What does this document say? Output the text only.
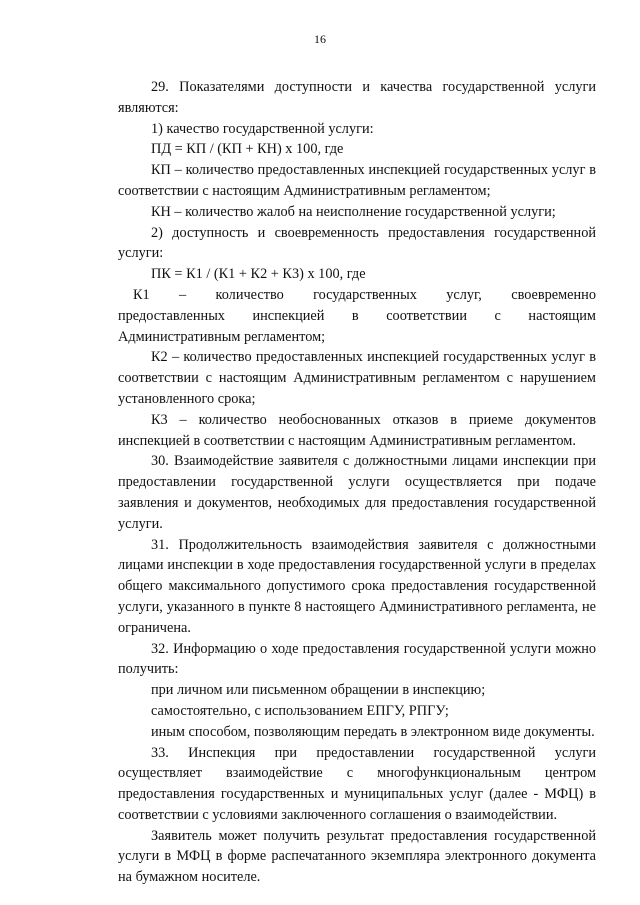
16

29. Показателями доступности и качества государственной услуги являются:

1) качество государственной услуги:

ПД = КП / (КП + КН) х 100, где

КП – количество предоставленных инспекцией государственных услуг в соответствии с настоящим Административным регламентом;

КН – количество жалоб на неисполнение государственной услуги;

2) доступность и своевременность предоставления государственной услуги:

ПК = К1 / (К1 + К2 + К3) х 100, где

К1 – количество государственных услуг, своевременно
предоставленных инспекцией в соответствии с настоящим

Административным регламентом;

К2 – количество предоставленных инспекцией государственных услуг в соответствии с настоящим Административным регламентом с нарушением установленного срока;

К3 – количество необоснованных отказов в приеме документов инспекцией в соответствии с настоящим Административным регламентом.

30. Взаимодействие заявителя с должностными лицами инспекции при предоставлении государственной услуги осуществляется при подаче заявления и документов, необходимых для предоставления государственной услуги.

31. Продолжительность взаимодействия заявителя с должностными лицами инспекции в ходе предоставления государственной услуги в пределах общего максимального допустимого срока предоставления государственной услуги, указанного в пункте 8 настоящего Административного регламента, не ограничена.

32. Информацию о ходе предоставления государственной услуги можно получить:

при личном или письменном обращении в инспекцию;

самостоятельно, с использованием ЕПГУ, РПГУ;

иным способом, позволяющим передать в электронном виде документы.

33. Инспекция при предоставлении государственной услуги осуществляет взаимодействие с многофункциональным центром предоставления государственных и муниципальных услуг (далее - МФЦ) в соответствии с условиями заключенного соглашения о взаимодействии.

Заявитель может получить результат предоставления государственной услуги в МФЦ в форме распечатанного экземпляра электронного документа на бумажном носителе.
